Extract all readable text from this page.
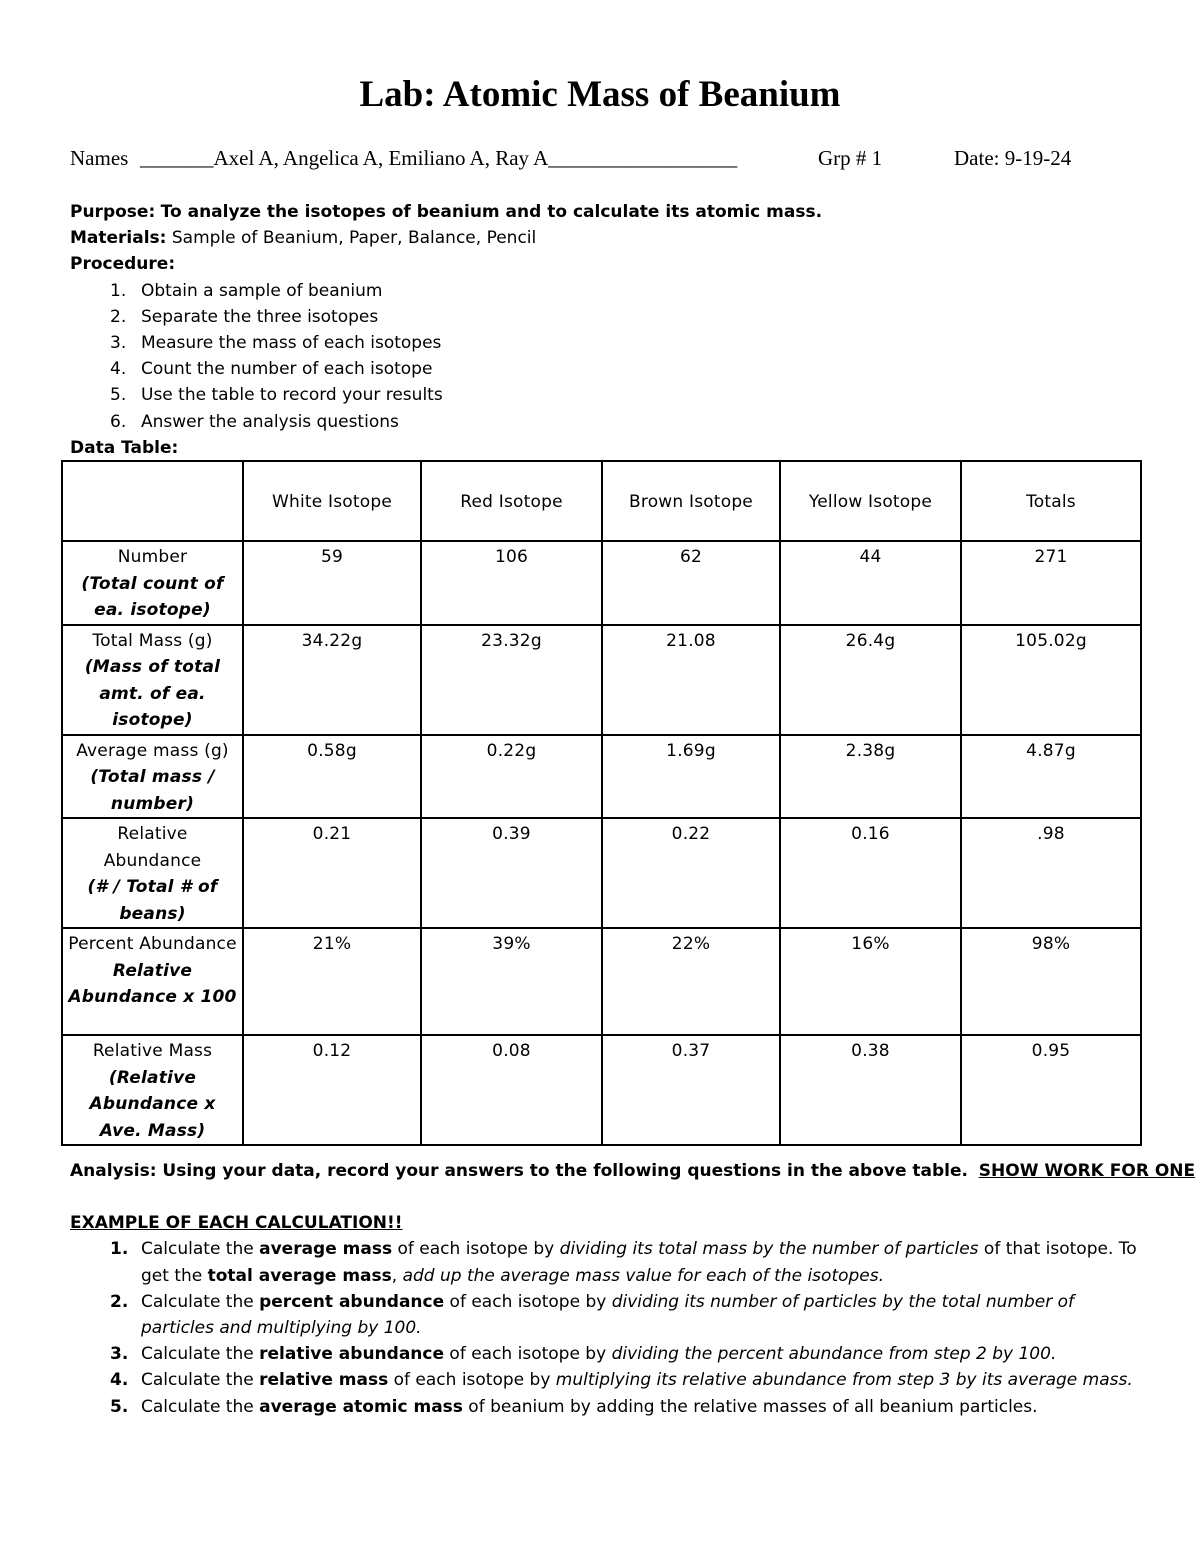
Lab: Atomic Mass of Beanium
Names _______Axel A, Angelica A, Emiliano A, Ray A__________________	Grp # 1	Date: 9-19-24

Purpose: To analyze the isotopes of beanium and to calculate its atomic mass.

Materials: Sample of Beanium, Paper, Balance, Pencil

Procedure:

1. Obtain a sample of beanium
2. Separate the three isotopes
3. Measure the mass of each isotopes
4. Count the number of each isotope
5. Use the table to record your results
6. Answer the analysis questions

Data Table:

	White Isotope	Red Isotope	Brown Isotope	Yellow Isotope	Totals
Number
(Total count of ea. isotope)	59	106	62	44	271
Total Mass (g)
(Mass of total amt. of ea. isotope)	34.22g	23.32g	21.08	26.4g	105.02g
Average mass (g)
(Total mass / number)	0.58g	0.22g	1.69g	2.38g	4.87g
Relative Abundance
(# / Total # of beans)	0.21	0.39	0.22	0.16	.98
Percent Abundance
Relative Abundance x 100	21%	39%	22%	16%	98%
Relative Mass
(Relative Abundance x Ave. Mass)	0.12	0.08	0.37	0.38	0.95

Analysis: Using your data, record your answers to the following questions in the above table. SHOW WORK FOR ONE

EXAMPLE OF EACH CALCULATION!!

1. Calculate the average mass of each isotope by dividing its total mass by the number of particles of that isotope. To get the total average mass, add up the average mass value for each of the isotopes.
2. Calculate the percent abundance of each isotope by dividing its number of particles by the total number of particles and multiplying by 100.
3. Calculate the relative abundance of each isotope by dividing the percent abundance from step 2 by 100.
4. Calculate the relative mass of each isotope by multiplying its relative abundance from step 3 by its average mass.
5. Calculate the average atomic mass of beanium by adding the relative masses of all beanium particles.
